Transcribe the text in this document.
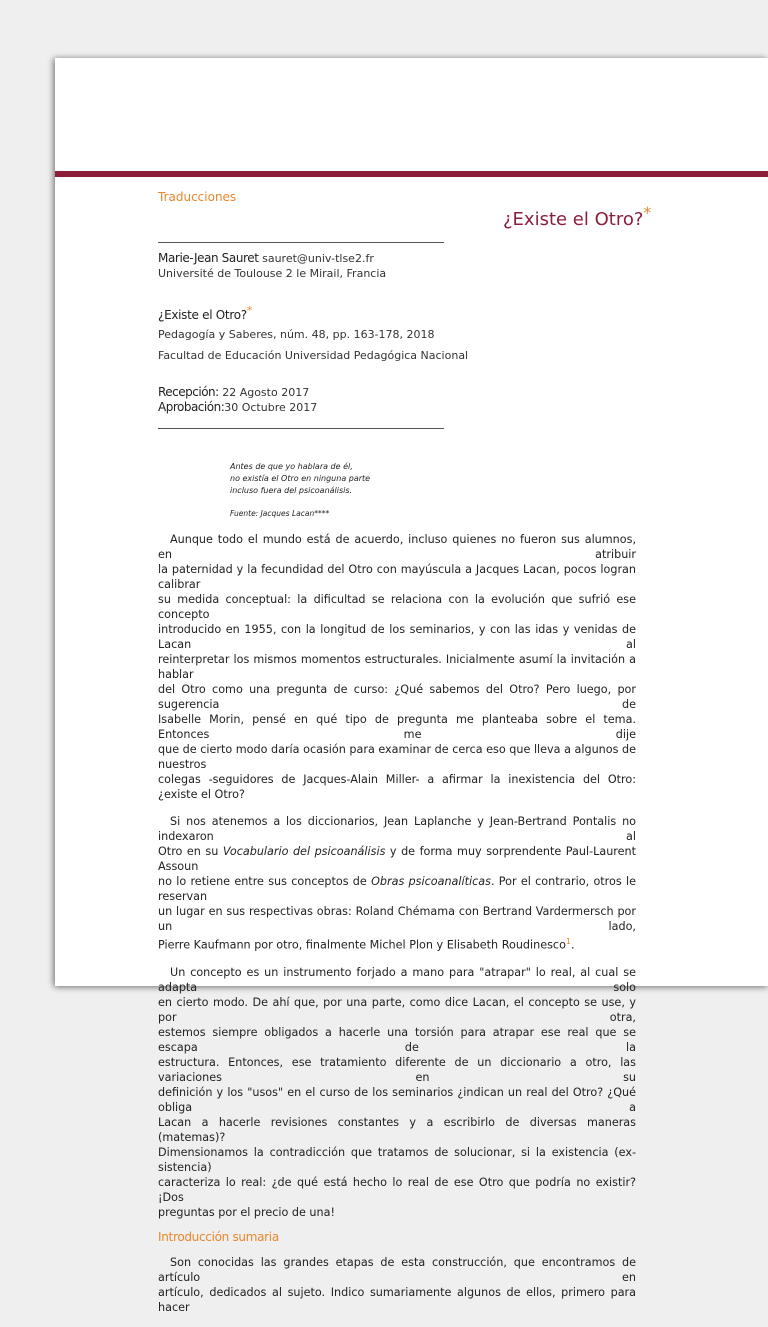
Traducciones
¿Existe el Otro?*
Marie-Jean Sauret sauret@univ-tlse2.fr
Université de Toulouse 2 le Mirail, Francia
¿Existe el Otro?*
Pedagogía y Saberes, núm. 48, pp. 163-178, 2018
Facultad de Educación Universidad Pedagógica Nacional
Recepción: 22 Agosto 2017
Aprobación:30 Octubre 2017
Antes de que yo hablara de él,
no existía el Otro en ninguna parte
incluso fuera del psicoanálisis.
Fuente: Jacques Lacan****
Aunque todo el mundo está de acuerdo, incluso quienes no fueron sus alumnos, en atribuir
la paternidad y la fecundidad del Otro con mayúscula a Jacques Lacan, pocos logran calibrar
su medida conceptual: la dificultad se relaciona con la evolución que sufrió ese concepto
introducido en 1955, con la longitud de los seminarios, y con las idas y venidas de Lacan al
reinterpretar los mismos momentos estructurales. Inicialmente asumí la invitación a hablar
del Otro como una pregunta de curso: ¿Qué sabemos del Otro? Pero luego, por sugerencia de
Isabelle Morin, pensé en qué tipo de pregunta me planteaba sobre el tema. Entonces me dije
que de cierto modo daría ocasión para examinar de cerca eso que lleva a algunos de nuestros
colegas -seguidores de Jacques-Alain Miller- a afirmar la inexistencia del Otro: ¿existe el Otro?
Si nos atenemos a los diccionarios, Jean Laplanche y Jean-Bertrand Pontalis no indexaron al
Otro en su Vocabulario del psicoanálisis y de forma muy sorprendente Paul-Laurent Assoun
no lo retiene entre sus conceptos de Obras psicoanalíticas. Por el contrario, otros le reservan
un lugar en sus respectivas obras: Roland Chémama con Bertrand Vardermersch por un lado,
Pierre Kaufmann por otro, finalmente Michel Plon y Elisabeth Roudinesco$^1$.
Un concepto es un instrumento forjado a mano para "atrapar" lo real, al cual se adapta solo
en cierto modo. De ahí que, por una parte, como dice Lacan, el concepto se use, y por otra,
estemos siempre obligados a hacerle una torsión para atrapar ese real que se escapa de la
estructura. Entonces, ese tratamiento diferente de un diccionario a otro, las variaciones en su
definición y los "usos" en el curso de los seminarios ¿indican un real del Otro? ¿Qué obliga a
Lacan a hacerle revisiones constantes y a escribirlo de diversas maneras (matemas)?
Dimensionamos la contradicción que tratamos de solucionar, si la existencia (ex-sistencia)
caracteriza lo real: ¿de qué está hecho lo real de ese Otro que podría no existir? ¡Dos
preguntas por el precio de una!
Introducción sumaria
Son conocidas las grandes etapas de esta construcción, que encontramos de artículo en
artículo, dedicados al sujeto. Indico sumariamente algunos de ellos, primero para hacer
